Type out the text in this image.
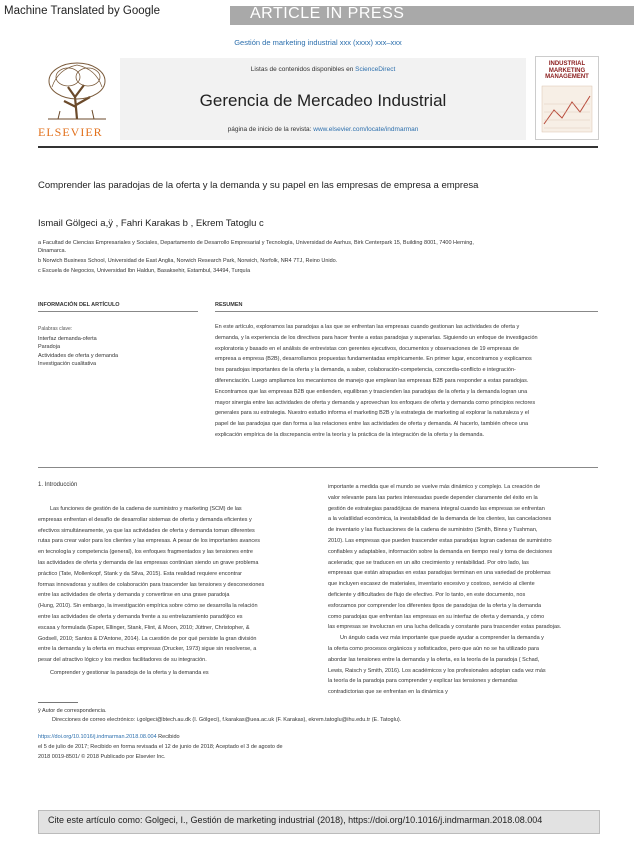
Machine Translated by Google	ARTICLE IN PRESS
Gestión de marketing industrial xxx (xxxx) xxx–xxx
ELSEVIER
Listas de contenidos disponibles en ScienceDirect
Gerencia de Mercadeo Industrial
página de inicio de la revista: www.elsevier.com/locate/indmarman
INDUSTRIAL MARKETING MANAGEMENT
Comprender las paradojas de la oferta y la demanda y su papel en las empresas de empresa a empresa
Ismail Gölgeci a,ÿ , Fahri Karakas b , Ekrem Tatoglu c
a Facultad de Ciencias Empresariales y Sociales, Departamento de Desarrollo Empresarial y Tecnología, Universidad de Aarhus, Birk Centerpark 15, Building 8001, 7400 Herning,
Dinamarca.
b Norwich Business School, Universidad de East Anglia, Norwich Research Park, Norwich, Norfolk, NR4 7TJ, Reino Unido.
c Escuela de Negocios, Universidad Ibn Haldun, Basaksehir, Estambul, 34494, Turquía
INFORMACIÓN DEL ARTÍCULO	RESUMEN
Palabras clave:
Interfaz demanda-oferta
Paradoja
Actividades de oferta y demanda
Investigación cualitativa
En este artículo, exploramos las paradojas a las que se enfrentan las empresas cuando gestionan las actividades de oferta y
demanda, y la experiencia de los directivos para hacer frente a estas paradojas y superarlas. Siguiendo un enfoque de investigación
exploratoria y basado en el análisis de entrevistas con gerentes ejecutivos, documentos y observaciones de 19 empresas de
empresa a empresa (B2B), desarrollamos propuestas fundamentadas empíricamente. En primer lugar, encontramos y explicamos
tres paradojas importantes de la oferta y la demanda, a saber, colaboración-competencia, concordia-conflicto e integración-
diferenciación. Luego ampliamos los mecanismos de manejo que emplean las empresas B2B para responder a estas paradojas.
Encontramos que las empresas B2B que entienden, equilibran y trascienden las paradojas de la oferta y la demanda logran una
mayor sinergia entre las actividades de oferta y demanda y aprovechan los enfoques de oferta y demanda como principios rectores
generales para su estrategia. Nuestro estudio informa el marketing B2B y la estrategia de marketing al explorar la naturaleza y el
papel de las paradojas que dan forma a las relaciones entre las actividades de oferta y demanda. Al hacerlo, también ofrece una
explicación empírica de la discrepancia entre la teoría y la práctica de la integración de la oferta y la demanda.
1. Introducción
Las funciones de gestión de la cadena de suministro y marketing (SCM) de las
empresas enfrentan el desafío de desarrollar sistemas de oferta y demanda eficientes y
efectivos simultáneamente, ya que las actividades de oferta y demanda toman diferentes
rutas para crear valor para los clientes y las empresas. A pesar de los importantes avances
en tecnología y competencia (general), los enfoques fragmentados y las tensiones entre
las actividades de oferta y demanda de las empresas continúan siendo un grave problema
práctico (Tate, Mollenkopf, Stank y da Silva, 2015). Esta realidad requiere encontrar
formas innovadoras y sutiles de colaboración para trascender las tensiones y desconexiones
entre las actividades de oferta y demanda y convertirse en una grave paradoja
(Hung, 2010). Sin embargo, la investigación empírica sobre cómo se desarrolla la relación
entre las actividades de oferta y demanda frente a su entrelazamiento paradójico es
escasa y formulada (Esper, Ellinger, Stank, Flint, & Moon, 2010; Jüttner, Christopher, &
Godsell, 2010; Santos & D'Antone, 2014). La cuestión de por qué persiste la gran división
entre la demanda y la oferta en muchas empresas (Drucker, 1973) sigue sin resolverse, a
pesar del atractivo lógico y los medios facilitadores de su integración.
Comprender y gestionar la paradoja de la oferta y la demanda es
importante a medida que el mundo se vuelve más dinámico y complejo. La creación de
valor relevante para las partes interesadas puede depender claramente del éxito en la
gestión de estrategias paradójicas de manera integral cuando las empresas se enfrentan
a la volatilidad económica, la inestabilidad de la demanda de los clientes, las cancelaciones
de inventario y las fluctuaciones de la cadena de suministro (Smith, Binns y Tushman,
2010). Las empresas que pueden trascender estas paradojas logran cadenas de suministro
confiables y adaptables, información sobre la demanda en tiempo real y toma de decisiones
acelerada; que se traducen en un alto crecimiento y rentabilidad. Por otro lado, las
empresas que están atrapadas en estas paradojas terminan en una variedad de problemas
que incluyen escasez de materiales, inventario excesivo y costoso, servicio al cliente
deficiente y dificultades de flujo de efectivo. Por lo tanto, en este documento, nos
esforzamos por comprender los diferentes tipos de paradojas de la oferta y la demanda
como paradojas que enfrentan las empresas en su interfaz de oferta y demanda, y cómo
las empresas se involucran en una lucha delicada y constante para trascender estas paradojas.
Un ángulo cada vez más importante que puede ayudar a comprender la demanda y
la oferta como procesos orgánicos y sofisticados, pero que aún no se ha utilizado para
abordar las tensiones entre la demanda y la oferta, es la teoría de la paradoja ( Schad,
Lewis, Raisch y Smith, 2016). Los académicos y los profesionales adoptan cada vez más
la teoría de la paradoja para comprender y explicar las tensiones y demandas
contradictorias que se enfrentan en la dinámica y
ÿ Autor de correspondencia.
Direcciones de correo electrónico: i.golgeci@btech.au.dk (I. Gölgeci), f.karakas@uea.ac.uk (F. Karakas), ekrem.tatoglu@ihu.edu.tr (E. Tatoglu).
https://doi.org/10.1016/j.indmarman.2018.08.004 Recibido
el 5 de julio de 2017; Recibido en forma revisada el 12 de junio de 2018; Aceptado el 3 de agosto de
2018 0019-8501/ © 2018 Publicado por Elsevier Inc.
Cite este artículo como: Golgeci, I., Gestión de marketing industrial (2018), https://doi.org/10.1016/j.indmarman.2018.08.004
